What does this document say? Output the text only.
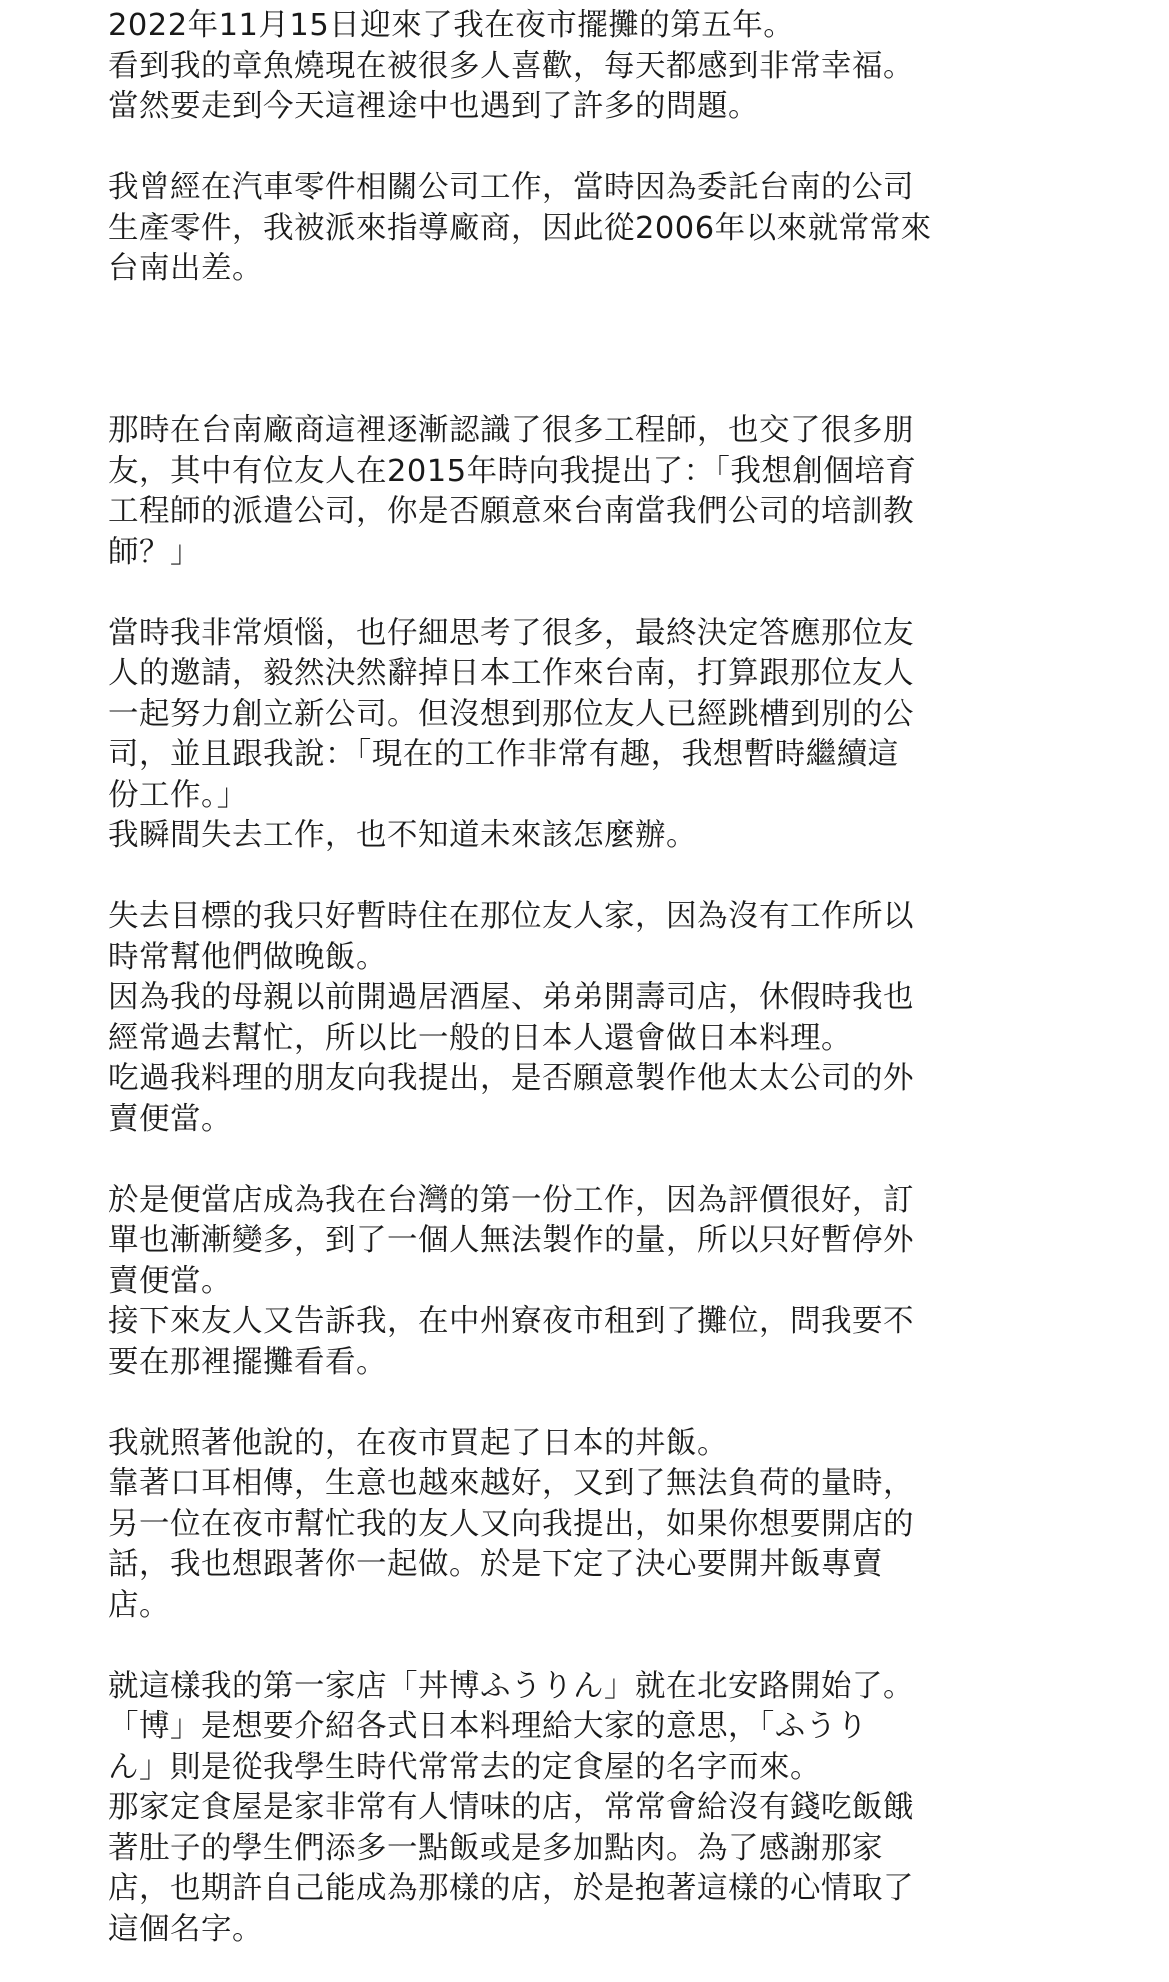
2022年11月15日迎來了我在夜市擺攤的第五年。
看到我的章魚燒現在被很多人喜歡，每天都感到非常幸福。
當然要走到今天這裡途中也遇到了許多的問題。
我曾經在汽車零件相關公司工作，當時因為委託台南的公司
生產零件，我被派來指導廠商，因此從2006年以來就常常來
台南出差。
那時在台南廠商這裡逐漸認識了很多工程師，也交了很多朋
友，其中有位友人在2015年時向我提出了：「我想創個培育
工程師的派遣公司，你是否願意來台南當我們公司的培訓教
師？」
當時我非常煩惱，也仔細思考了很多，最終決定答應那位友
人的邀請，毅然決然辭掉日本工作來台南，打算跟那位友人
一起努力創立新公司。但沒想到那位友人已經跳槽到別的公
司，並且跟我說：「現在的工作非常有趣，我想暫時繼續這
份工作。」
我瞬間失去工作，也不知道未來該怎麼辦。
失去目標的我只好暫時住在那位友人家，因為沒有工作所以
時常幫他們做晚飯。
因為我的母親以前開過居酒屋、弟弟開壽司店，休假時我也
經常過去幫忙，所以比一般的日本人還會做日本料理。
吃過我料理的朋友向我提出，是否願意製作他太太公司的外
賣便當。
於是便當店成為我在台灣的第一份工作，因為評價很好，訂
單也漸漸變多，到了一個人無法製作的量，所以只好暫停外
賣便當。
接下來友人又告訴我，在中州寮夜市租到了攤位，問我要不
要在那裡擺攤看看。
我就照著他說的，在夜市買起了日本的丼飯。
靠著口耳相傳，生意也越來越好，又到了無法負荷的量時，
另一位在夜市幫忙我的友人又向我提出，如果你想要開店的
話，我也想跟著你一起做。於是下定了決心要開丼飯專賣
店。
就這樣我的第一家店「丼博ふうりん」就在北安路開始了。
「博」是想要介紹各式日本料理給大家的意思，「ふうり
ん」則是從我學生時代常常去的定食屋的名字而來。
那家定食屋是家非常有人情味的店，常常會給沒有錢吃飯餓
著肚子的學生們添多一點飯或是多加點肉。為了感謝那家
店，也期許自己能成為那樣的店，於是抱著這樣的心情取了
這個名字。
